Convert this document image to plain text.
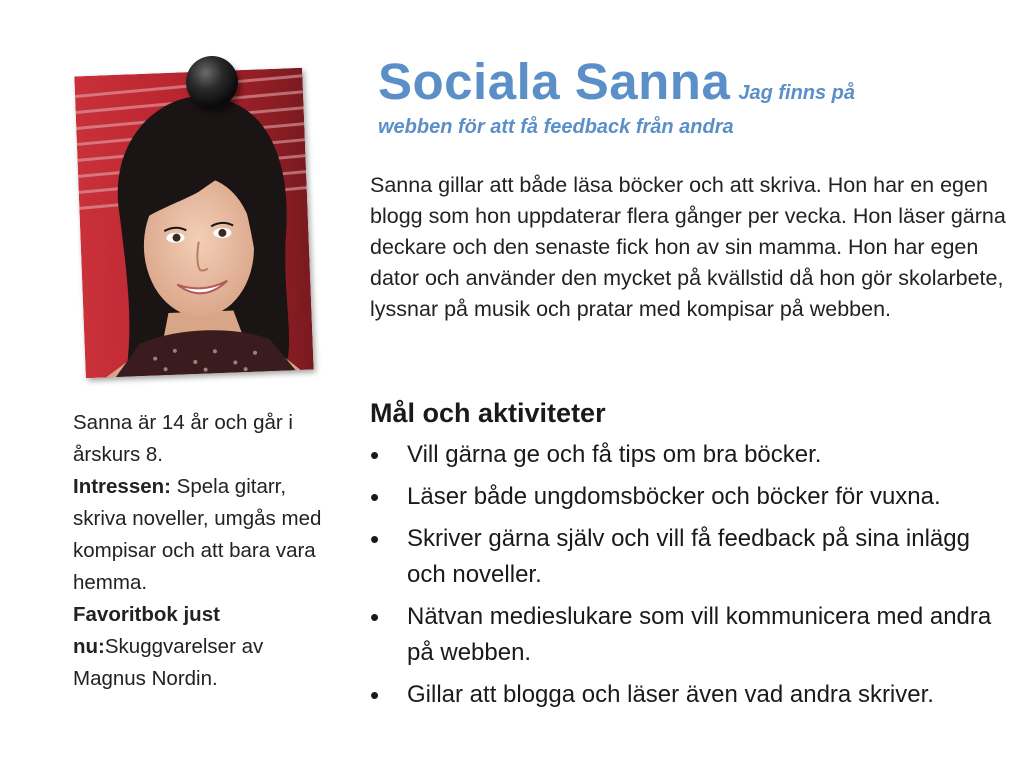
Sociala Sanna Jag finns på
webben för att få feedback från andra
Sanna gillar att både läsa böcker och att skriva. Hon har en egen blogg som hon uppdaterar flera gånger per vecka. Hon läser gärna deckare och den senaste fick hon av sin mamma. Hon har egen dator och använder den mycket på kvällstid då hon gör skolarbete, lyssnar på musik och pratar med kompisar på webben.

Sanna är 14 år och går i årskurs 8.

Intressen: Spela gitarr, skriva noveller, umgås med kompisar och att bara vara hemma.

Favoritbok just nu:Skuggvarelser av Magnus Nordin.

Mål och aktiviteter
• Vill gärna ge och få tips om bra böcker.
• Läser både ungdomsböcker och böcker för vuxna.
• Skriver gärna själv och vill få feedback på sina inlägg och noveller.
• Nätvan medieslukare som vill kommunicera med andra på webben.
• Gillar att blogga och läser även vad andra skriver.
